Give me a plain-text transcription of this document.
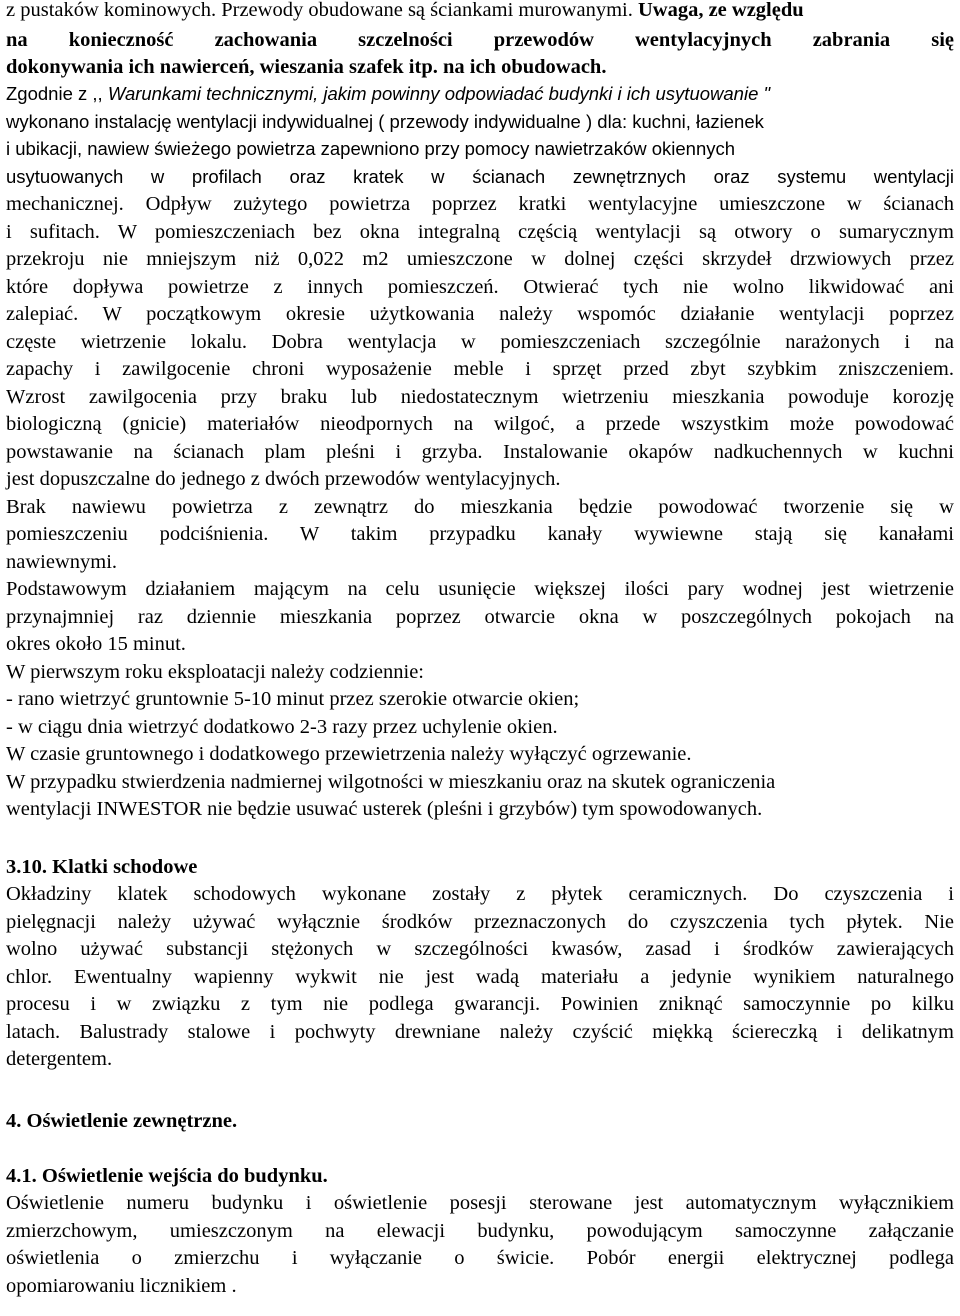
z pustaków kominowych. Przewody obudowane są ściankami murowanymi. Uwaga, ze względu
na konieczność zachowania szczelności przewodów wentylacyjnych zabrania się
dokonywania ich nawierceń, wieszania szafek itp. na ich obudowach.
Zgodnie z ,, Warunkami technicznymi, jakim powinny odpowiadać budynki i ich usytuowanie "
wykonano instalację wentylacji indywidualnej ( przewody indywidualne ) dla: kuchni, łazienek
i ubikacji, nawiew świeżego powietrza zapewniono przy pomocy nawietrzaków okiennych
usytuowanych w profilach oraz kratek w ścianach zewnętrznych oraz systemu wentylacji
mechanicznej. Odpływ zużytego powietrza poprzez kratki wentylacyjne umieszczone w ścianach
i sufitach. W pomieszczeniach bez okna integralną częścią wentylacji są otwory o sumarycznym
przekroju nie mniejszym niż 0,022 m2 umieszczone w dolnej części skrzydeł drzwiowych przez
które dopływa powietrze z innych pomieszczeń. Otwierać tych nie wolno likwidować ani
zalepiać. W początkowym okresie użytkowania należy wspomóc działanie wentylacji poprzez
częste wietrzenie lokalu. Dobra wentylacja w pomieszczeniach szczególnie narażonych i na
zapachy i zawilgocenie chroni wyposażenie meble i sprzęt przed zbyt szybkim zniszczeniem.
Wzrost zawilgocenia przy braku lub niedostatecznym wietrzeniu mieszkania powoduje korozję
biologiczną (gnicie) materiałów nieodpornych na wilgoć, a przede wszystkim może powodować
powstawanie na ścianach plam pleśni i grzyba. Instalowanie okapów nadkuchennych w kuchni
jest dopuszczalne do jednego z dwóch przewodów wentylacyjnych.
Brak nawiewu powietrza z zewnątrz do mieszkania będzie powodować tworzenie się w
pomieszczeniu podciśnienia. W takim przypadku kanały wywiewne stają się kanałami
nawiewnymi.
Podstawowym działaniem mającym na celu usunięcie większej ilości pary wodnej jest wietrzenie
przynajmniej raz dziennie mieszkania poprzez otwarcie okna w poszczególnych pokojach na
okres około 15 minut.
W pierwszym roku eksploatacji należy codziennie:
- rano wietrzyć gruntownie 5-10 minut przez szerokie otwarcie okien;
- w ciągu dnia wietrzyć dodatkowo 2-3 razy przez uchylenie okien.
W czasie gruntownego i dodatkowego przewietrzenia należy wyłączyć ogrzewanie.
W przypadku stwierdzenia nadmiernej wilgotności w mieszkaniu oraz na skutek ograniczenia
wentylacji INWESTOR nie będzie usuwać usterek (pleśni i grzybów) tym spowodowanych.
3.10. Klatki schodowe
Okładziny klatek schodowych wykonane zostały z płytek ceramicznych. Do czyszczenia i
pielęgnacji należy używać wyłącznie środków przeznaczonych do czyszczenia tych płytek. Nie
wolno używać substancji stężonych w szczególności kwasów, zasad i środków zawierających
chlor. Ewentualny wapienny wykwit nie jest wadą materiału a jedynie wynikiem naturalnego
procesu i w związku z tym nie podlega gwarancji. Powinien zniknąć samoczynnie po kilku
latach. Balustrady stalowe i pochwyty drewniane należy czyścić miękką ściereczką i delikatnym
detergentem.
4. Oświetlenie zewnętrzne.
4.1. Oświetlenie wejścia do budynku.
Oświetlenie numeru budynku i oświetlenie posesji sterowane jest automatycznym wyłącznikiem
zmierzchowym, umieszczonym na elewacji budynku, powodującym samoczynne załączanie
oświetlenia o zmierzchu i wyłączanie o świcie. Pobór energii elektrycznej podlega
opomiarowaniu licznikiem .
